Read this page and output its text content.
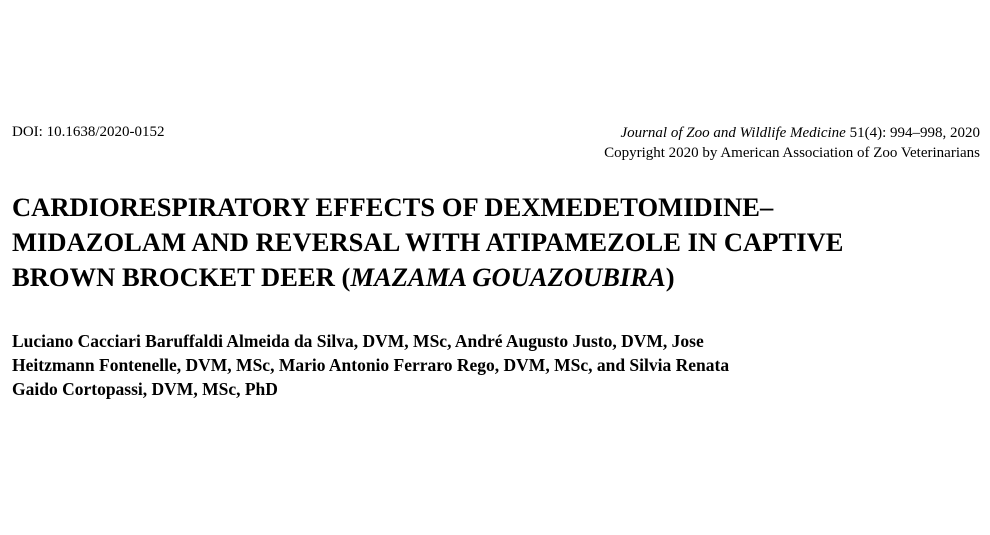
DOI: 10.1638/2020-0152	Journal of Zoo and Wildlife Medicine 51(4): 994–998, 2020
Copyright 2020 by American Association of Zoo Veterinarians
CARDIORESPIRATORY EFFECTS OF DEXMEDETOMIDINE–
MIDAZOLAM AND REVERSAL WITH ATIPAMEZOLE IN CAPTIVE
BROWN BROCKET DEER (MAZAMA GOUAZOUBIRA)
Luciano Cacciari Baruffaldi Almeida da Silva, DVM, MSc, André Augusto Justo, DVM, Jose
Heitzmann Fontenelle, DVM, MSc, Mario Antonio Ferraro Rego, DVM, MSc, and Silvia Renata
Gaido Cortopassi, DVM, MSc, PhD
